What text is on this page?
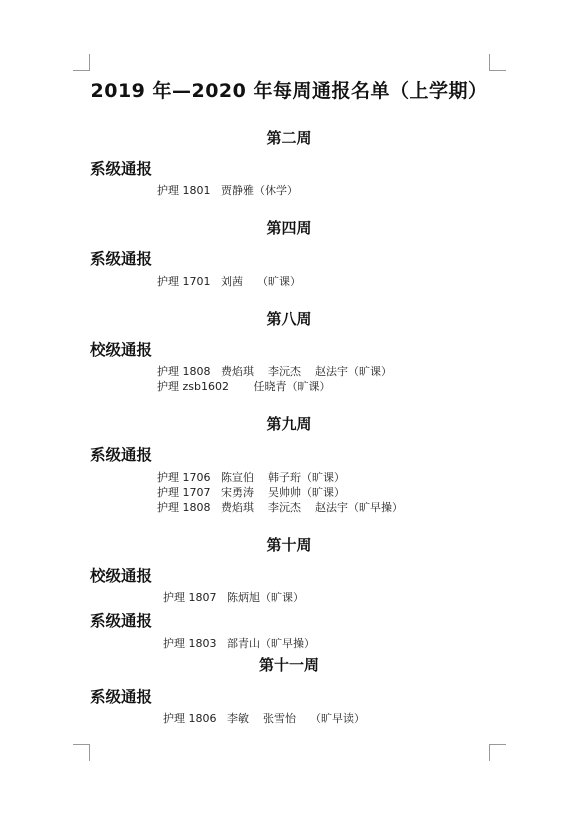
2019 年—2020 年每周通报名单（上学期）
第二周
系级通报
护理 1801   贾静雅（休学）
第四周
系级通报
护理 1701   刘茜    （旷课）
第八周
校级通报
护理 1808   费焰琪    李沅杰    赵法宇（旷课）
护理 zsb1602       任晓青（旷课）
第九周
系级通报
护理 1706   陈宣伯    韩子珩（旷课）
护理 1707   宋勇涛    吴帅帅（旷课）
护理 1808   费焰琪    李沅杰    赵法宇（旷早操）
第十周
校级通报
护理 1807   陈炳旭（旷课）
系级通报
护理 1803   部青山（旷早操）
第十一周
系级通报
护理 1806   李敏    张雪怡    （旷早读）
